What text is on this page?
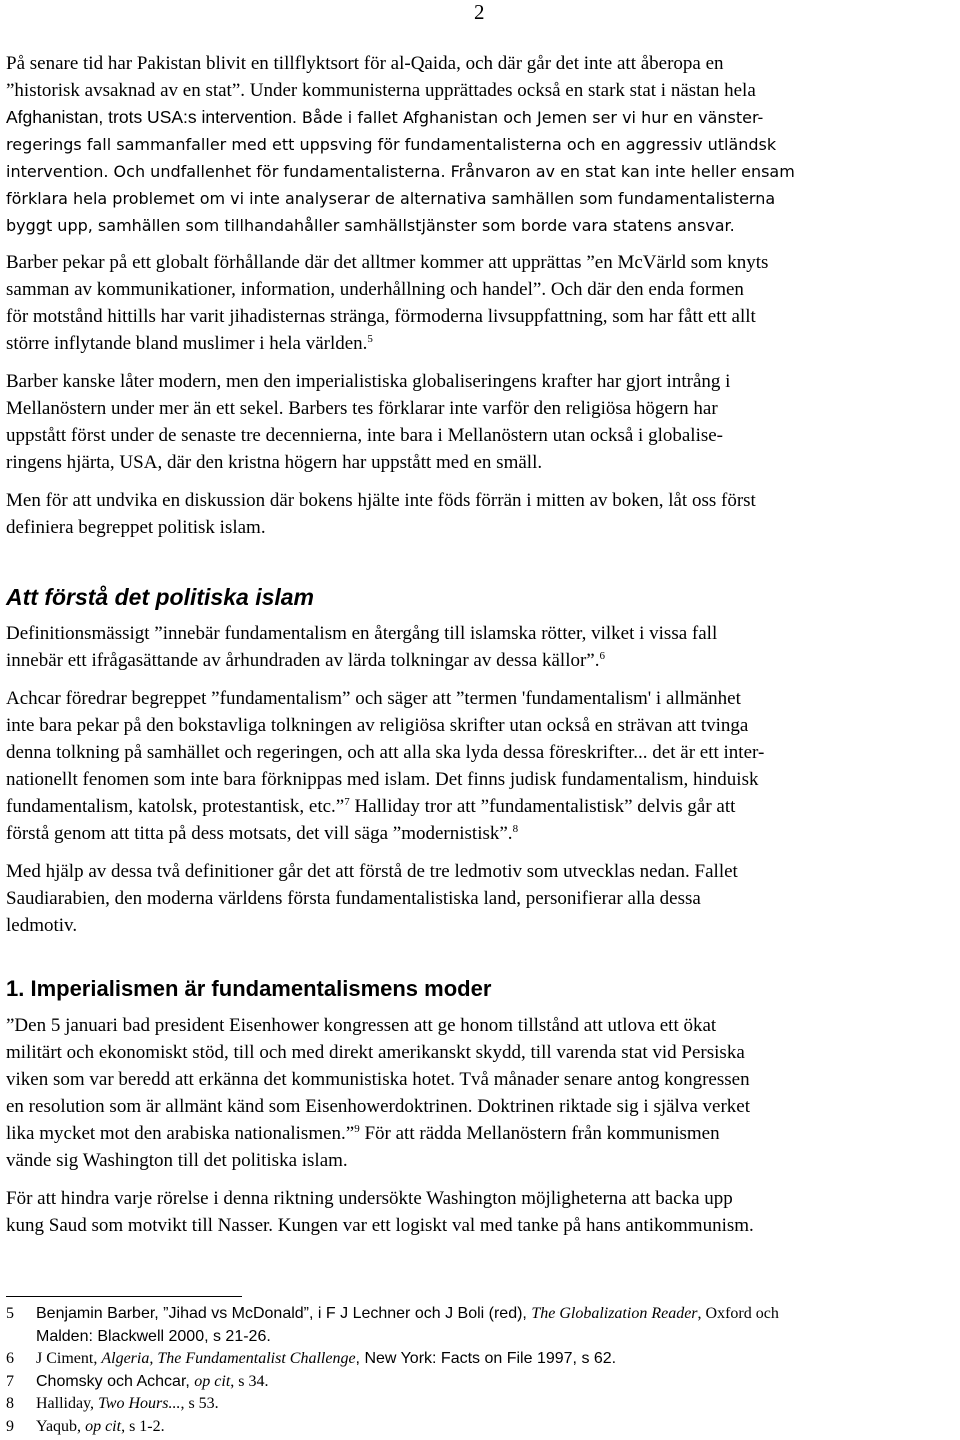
2

På senare tid har Pakistan blivit en tillflyktsort för al-Qaida, och där går det inte att åberopa en
”historisk avsaknad av en stat”. Under kommunisterna upprättades också en stark stat i nästan hela
Afghanistan, trots USA:s intervention. Både i fallet Afghanistan och Jemen ser vi hur en vänster-
regerings fall sammanfaller med ett uppsving för fundamentalisterna och en aggressiv utländsk
intervention. Och undfallenhet för fundamentalisterna. Frånvaron av en stat kan inte heller ensam
förklara hela problemet om vi inte analyserar de alternativa samhällen som fundamentalisterna
byggt upp, samhällen som tillhandahåller samhällstjänster som borde vara statens ansvar.

Barber pekar på ett globalt förhållande där det alltmer kommer att upprättas ”en McVärld som knyts
samman av kommunikationer, information, underhållning och handel”. Och där den enda formen
för motstånd hittills har varit jihadisternas stränga, förmoderna livsuppfattning, som har fått ett allt
större inflytande bland muslimer i hela världen.$^5$

Barber kanske låter modern, men den imperialistiska globaliseringens krafter har gjort intrång i
Mellanöstern under mer än ett sekel. Barbers tes förklarar inte varför den religiösa högern har
uppstått först under de senaste tre decennierna, inte bara i Mellanöstern utan också i globalise-
ringens hjärta, USA, där den kristna högern har uppstått med en smäll.

Men för att undvika en diskussion där bokens hjälte inte föds förrän i mitten av boken, låt oss först
definiera begreppet politisk islam.

Att förstå det politiska islam

Definitionsmässigt ”innebär fundamentalism en återgång till islamska rötter, vilket i vissa fall
innebär ett ifrågasättande av århundraden av lärda tolkningar av dessa källor”.$^6$

Achcar föredrar begreppet ”fundamentalism” och säger att ”termen 'fundamentalism' i allmänhet
inte bara pekar på den bokstavliga tolkningen av religiösa skrifter utan också en strävan att tvinga
denna tolkning på samhället och regeringen, och att alla ska lyda dessa föreskrifter... det är ett inter-
nationellt fenomen som inte bara förknippas med islam. Det finns judisk fundamentalism, hinduisk
fundamentalism, katolsk, protestantisk, etc.”$^7$ Halliday tror att ”fundamentalistisk” delvis går att
förstå genom att titta på dess motsats, det vill säga ”modernistisk”.$^8$

Med hjälp av dessa två definitioner går det att förstå de tre ledmotiv som utvecklas nedan. Fallet
Saudiarabien, den moderna världens första fundamentalistiska land, personifierar alla dessa
ledmotiv.

1. Imperialismen är fundamentalismens moder

”Den 5 januari bad president Eisenhower kongressen att ge honom tillstånd att utlova ett ökat
militärt och ekonomiskt stöd, till och med direkt amerikanskt skydd, till varenda stat vid Persiska
viken som var beredd att erkänna det kommunistiska hotet. Två månader senare antog kongressen
en resolution som är allmänt känd som Eisenhowerdoktrinen. Doktrinen riktade sig i själva verket
lika mycket mot den arabiska nationalismen.”$^9$ För att rädda Mellanöstern från kommunismen
vände sig Washington till det politiska islam.

För att hindra varje rörelse i denna riktning undersökte Washington möjligheterna att backa upp
kung Saud som motvikt till Nasser. Kungen var ett logiskt val med tanke på hans antikommunism.

5	Benjamin Barber, ”Jihad vs McDonald”, i F J Lechner och J Boli (red), The Globalization Reader, Oxford och
Malden: Blackwell 2000, s 21-26.
6	J Ciment, Algeria, The Fundamentalist Challenge, New York: Facts on File 1997, s 62.
7	Chomsky och Achcar, op cit, s 34.
8	Halliday, Two Hours..., s 53.
9	Yaqub, op cit, s 1-2.
